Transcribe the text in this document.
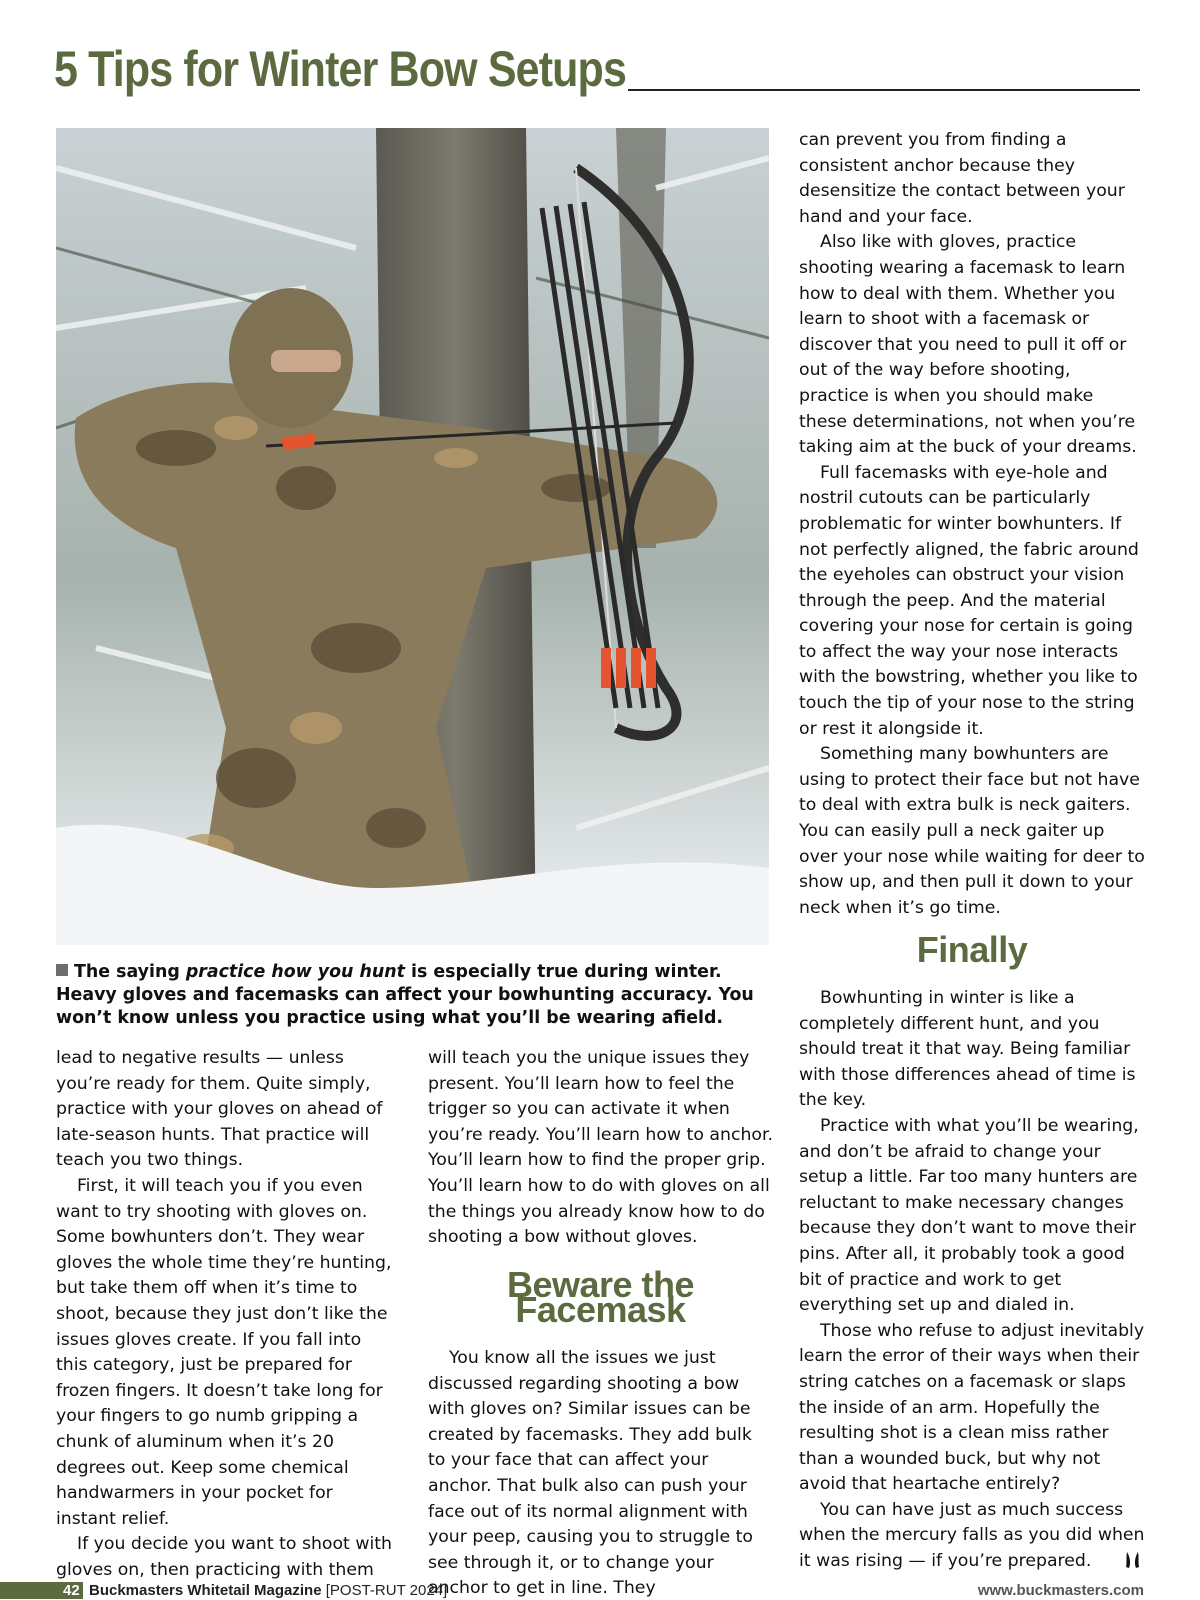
5 Tips for Winter Bow Setups
The saying practice how you hunt is especially true during winter. Heavy gloves and facemasks can affect your bowhunting accuracy. You won’t know unless you practice using what you’ll be wearing afield.

lead to negative results — unless you’re ready for them. Quite simply, practice with your gloves on ahead of late-season hunts. That practice will teach you two things.

First, it will teach you if you even want to try shooting with gloves on. Some bowhunters don’t. They wear gloves the whole time they’re hunting, but take them off when it’s time to shoot, because they just don’t like the issues gloves create. If you fall into this category, just be prepared for frozen fingers. It doesn’t take long for your fingers to go numb gripping a chunk of aluminum when it’s 20 degrees out. Keep some chemical handwarmers in your pocket for instant relief.

If you decide you want to shoot with gloves on, then practicing with them

will teach you the unique issues they present. You’ll learn how to feel the trigger so you can activate it when you’re ready. You’ll learn how to anchor. You’ll learn how to find the proper grip. You’ll learn how to do with gloves on all the things you already know how to do shooting a bow without gloves.

Beware the Facemask

You know all the issues we just discussed regarding shooting a bow with gloves on? Similar issues can be created by facemasks. They add bulk to your face that can affect your anchor. That bulk also can push your face out of its normal alignment with your peep, causing you to struggle to see through it, or to change your anchor to get in line. They

can prevent you from finding a consistent anchor because they desensitize the contact between your hand and your face.

Also like with gloves, practice shooting wearing a facemask to learn how to deal with them. Whether you learn to shoot with a facemask or discover that you need to pull it off or out of the way before shooting, practice is when you should make these determinations, not when you’re taking aim at the buck of your dreams.

Full facemasks with eye-hole and nostril cutouts can be particularly problematic for winter bowhunters. If not perfectly aligned, the fabric around the eyeholes can obstruct your vision through the peep. And the material covering your nose for certain is going to affect the way your nose interacts with the bowstring, whether you like to touch the tip of your nose to the string or rest it alongside it.

Something many bowhunters are using to protect their face but not have to deal with extra bulk is neck gaiters. You can easily pull a neck gaiter up over your nose while waiting for deer to show up, and then pull it down to your neck when it’s go time.

Finally

Bowhunting in winter is like a completely different hunt, and you should treat it that way. Being familiar with those differences ahead of time is the key.

Practice with what you’ll be wearing, and don’t be afraid to change your setup a little. Far too many hunters are reluctant to make necessary changes because they don’t want to move their pins. After all, it probably took a good bit of practice and work to get everything set up and dialed in.

Those who refuse to adjust inevitably learn the error of their ways when their string catches on a facemask or slaps the inside of an arm. Hopefully the resulting shot is a clean miss rather than a wounded buck, but why not avoid that heartache entirely?

You can have just as much success when the mercury falls as you did when it was rising — if you’re prepared.

42 Buckmasters Whitetail Magazine [POST-RUT 2024]	www.buckmasters.com
